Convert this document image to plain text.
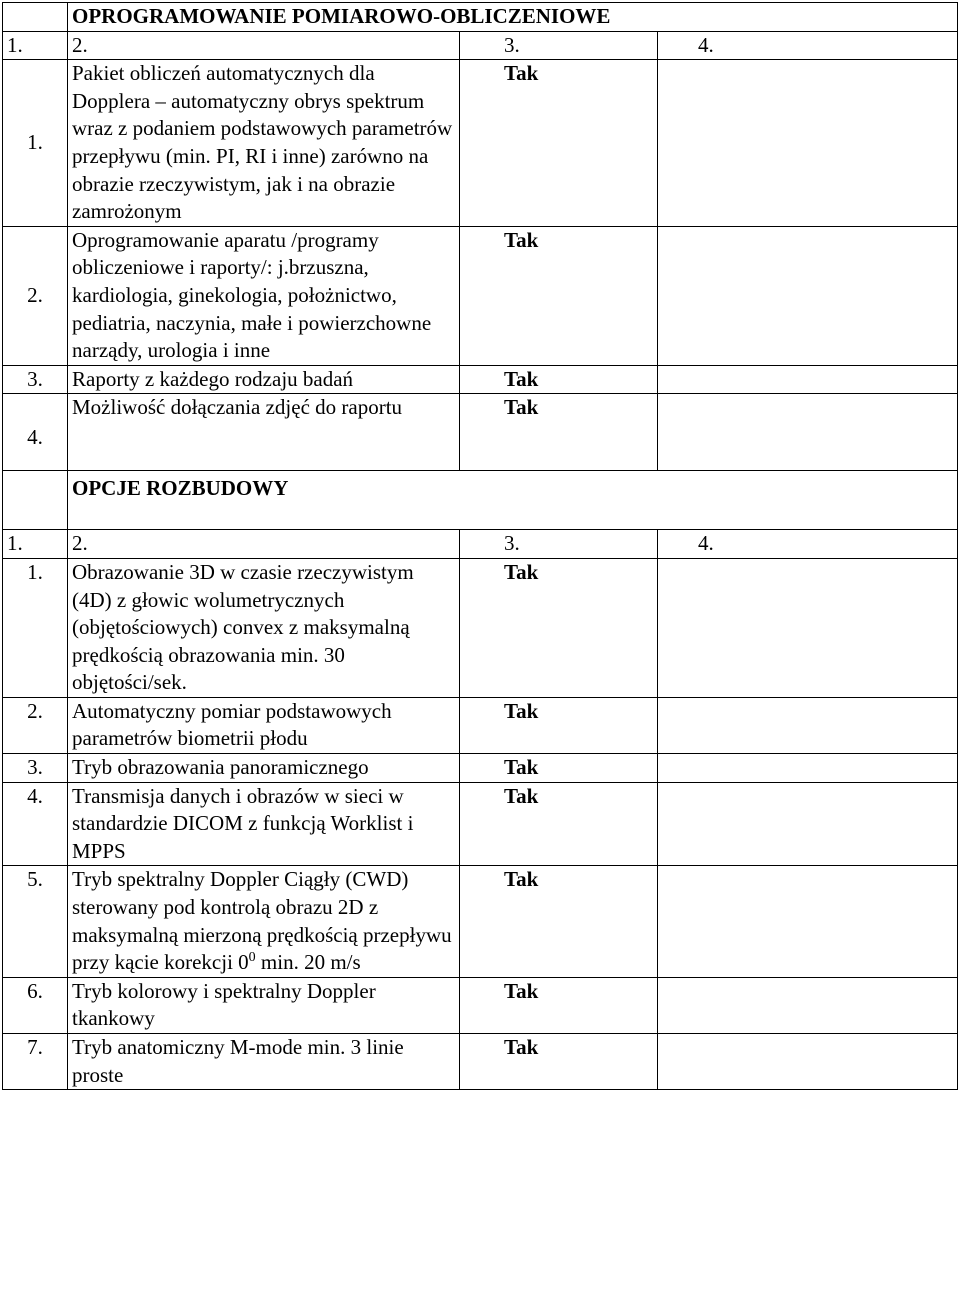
	OPROGRAMOWANIE POMIAROWO-OBLICZENIOWE		
1.	2.	3.	4.
1.	Pakiet obliczeń automatycznych dla Dopplera – automatyczny obrys spektrum wraz z podaniem podstawowych parametrów przepływu (min. PI, RI i inne) zarówno na obrazie rzeczywistym, jak i na obrazie zamrożonym	Tak	
2.	Oprogramowanie aparatu /programy obliczeniowe i raporty/: j.brzuszna, kardiologia, ginekologia, położnictwo, pediatria, naczynia, małe i powierzchowne narządy, urologia i inne	Tak	
3.	Raporty z każdego rodzaju badań	Tak	
4.	Możliwość dołączania zdjęć do raportu	Tak	
	OPCJE ROZBUDOWY		
1.	2.	3.	4.
1.	Obrazowanie 3D w czasie rzeczywistym (4D) z głowic wolumetrycznych (objętościowych) convex z maksymalną prędkością obrazowania min. 30 objętości/sek.	Tak	
2.	Automatyczny pomiar podstawowych parametrów biometrii płodu	Tak	
3.	Tryb obrazowania panoramicznego	Tak	
4.	Transmisja danych i obrazów w sieci w standardzie DICOM z funkcją Worklist i MPPS	Tak	
5.	Tryb spektralny Doppler Ciągły (CWD) sterowany pod kontrolą obrazu 2D z maksymalną mierzoną prędkością przepływu przy kącie korekcji $0^0$ min. 20 m/s	Tak	
6.	Tryb kolorowy i spektralny Doppler tkankowy	Tak	
7.	Tryb anatomiczny M-mode min. 3 linie proste	Tak	
